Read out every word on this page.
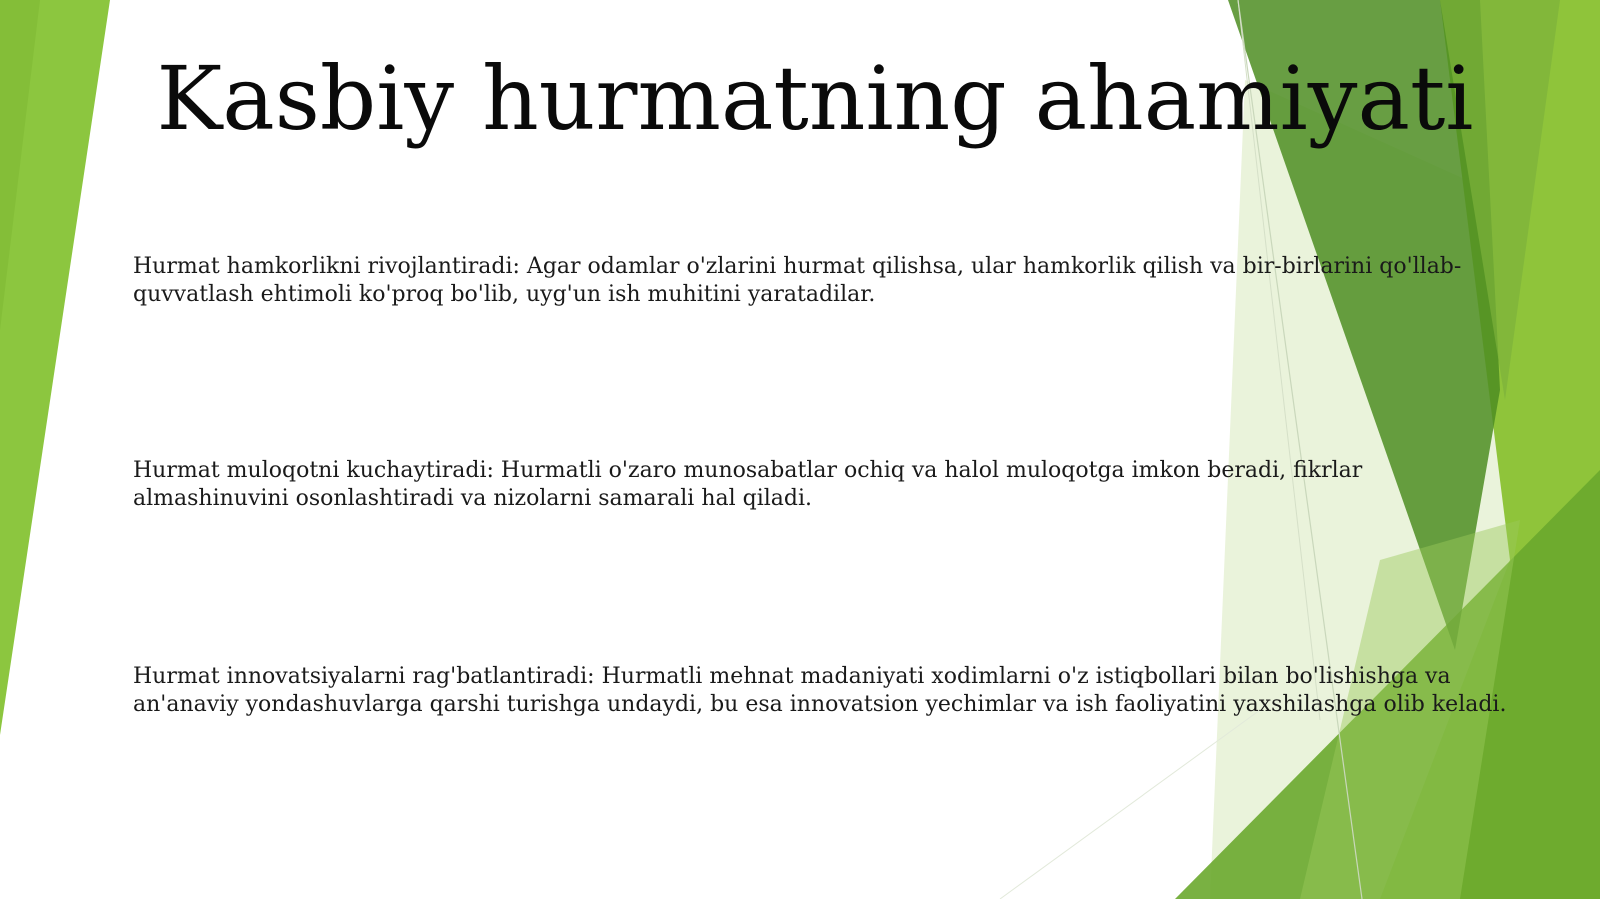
Kasbiy hurmatning ahamiyati

Hurmat hamkorlikni rivojlantiradi: Agar odamlar o'zlarini hurmat qilishsa, ular hamkorlik qilish va bir-birlarini qo'llab-quvvatlash ehtimoli ko'proq bo'lib, uyg'un ish muhitini yaratadilar.

Hurmat muloqotni kuchaytiradi: Hurmatli o'zaro munosabatlar ochiq va halol muloqotga imkon beradi, fikrlar almashinuvini osonlashtiradi va nizolarni samarali hal qiladi.

Hurmat innovatsiyalarni rag'batlantiradi: Hurmatli mehnat madaniyati xodimlarni o'z istiqbollari bilan bo'lishishga va an'anaviy yondashuvlarga qarshi turishga undaydi, bu esa innovatsion yechimlar va ish faoliyatini yaxshilashga olib keladi.
